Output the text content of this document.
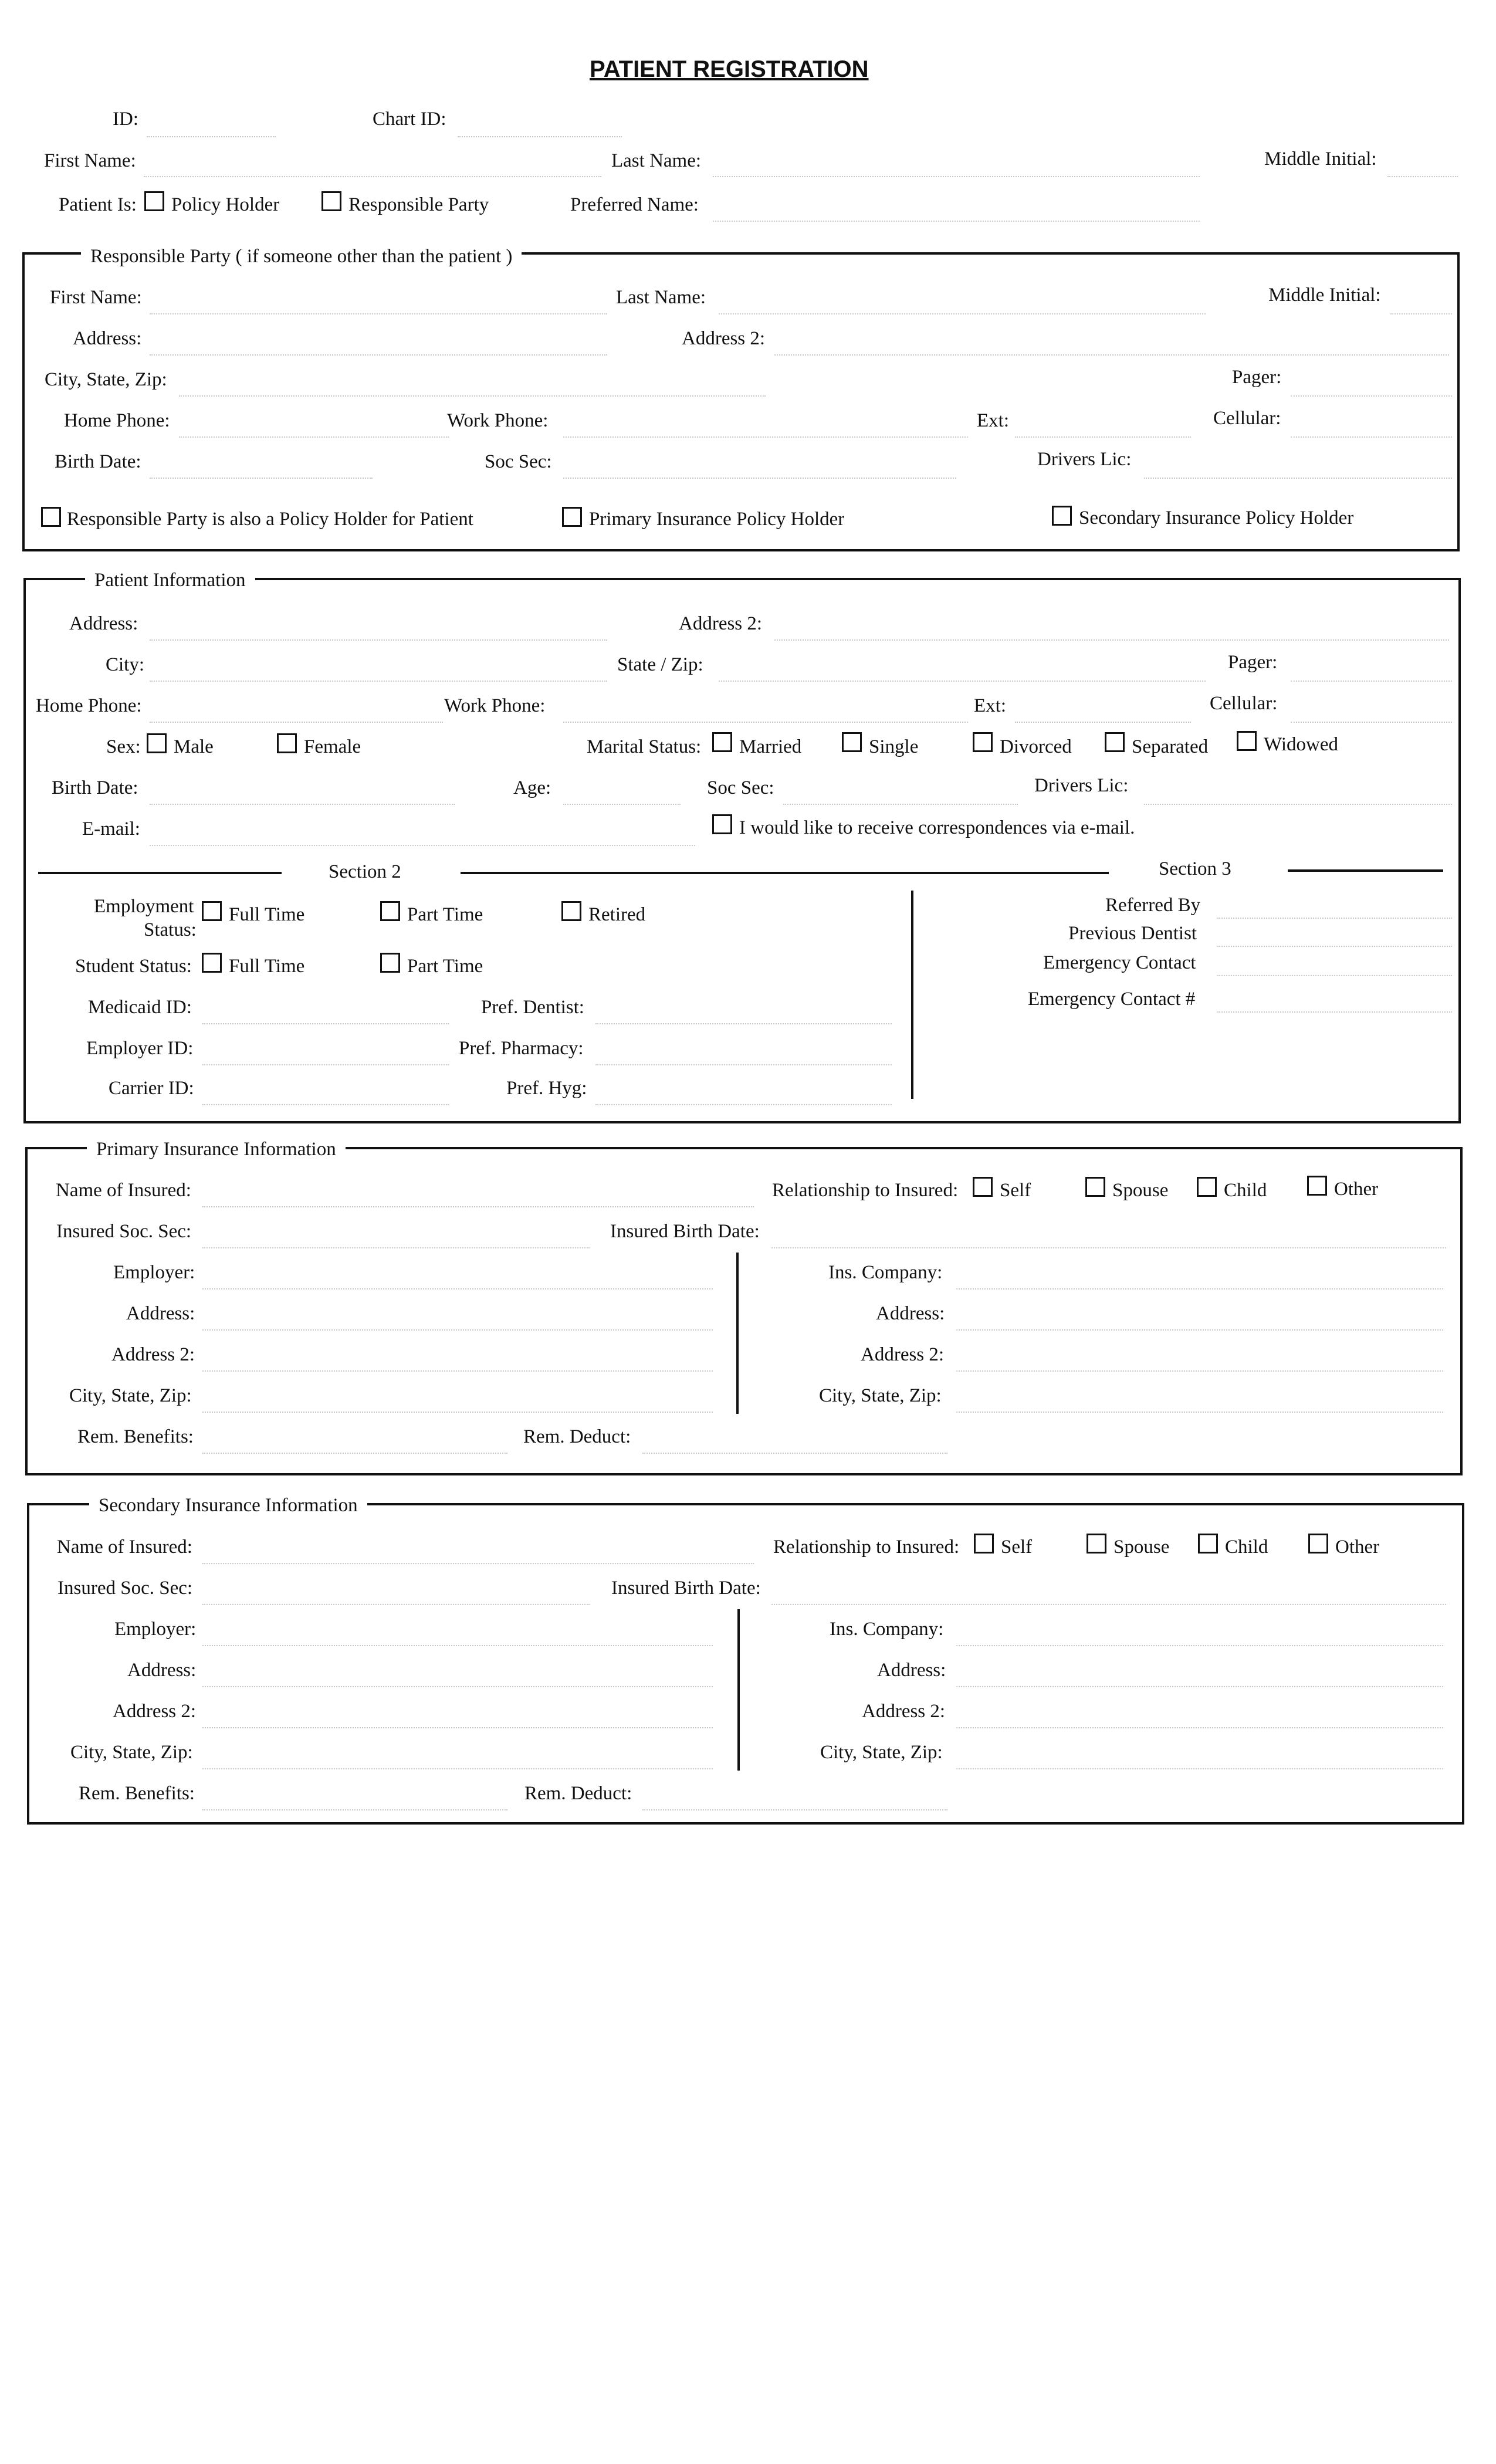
PATIENT REGISTRATION
ID:	Chart ID:
First Name:	Last Name:	Middle Initial:
Patient Is: Policy Holder	Responsible Party	Preferred Name:
Responsible Party ( if someone other than the patient )
First Name:	Last Name:	Middle Initial:
Address:	Address 2:
City, State, Zip:	Pager:
Home Phone:	Work Phone:	Ext:	Cellular:
Birth Date:	Soc Sec:	Drivers Lic:
Responsible Party is also a Policy Holder for Patient	Primary Insurance Policy Holder	Secondary Insurance Policy Holder
Patient Information
Address:	Address 2:
City:	State / Zip:	Pager:
Home Phone:	Work Phone:	Ext:	Cellular:
Sex: Male	Female	Marital Status: Married	Single	Divorced	Separated	Widowed
Birth Date:	Age:	Soc Sec:	Drivers Lic:
E-mail:	I would like to receive correspondences via e-mail.
Section 2	Section 3
Employment
Status:
Full Time	Part Time	Retired
Student Status: Full Time	Part Time
Medicaid ID:	Pref. Dentist:
Employer ID:	Pref. Pharmacy:
Carrier ID:	Pref. Hyg:
Referred By
Previous Dentist
Emergency Contact
Emergency Contact #
Primary Insurance Information
Name of Insured:	Relationship to Insured: Self	Spouse	Child	Other
Insured Soc. Sec:	Insured Birth Date:
Employer:	Ins. Company:
Address:	Address:
Address 2:	Address 2:
City, State, Zip:	City, State, Zip:
Rem. Benefits:	Rem. Deduct:
Secondary Insurance Information
Name of Insured:	Relationship to Insured: Self	Spouse	Child	Other
Insured Soc. Sec:	Insured Birth Date:
Employer:	Ins. Company:
Address:	Address:
Address 2:	Address 2:
City, State, Zip:	City, State, Zip:
Rem. Benefits:	Rem. Deduct:
